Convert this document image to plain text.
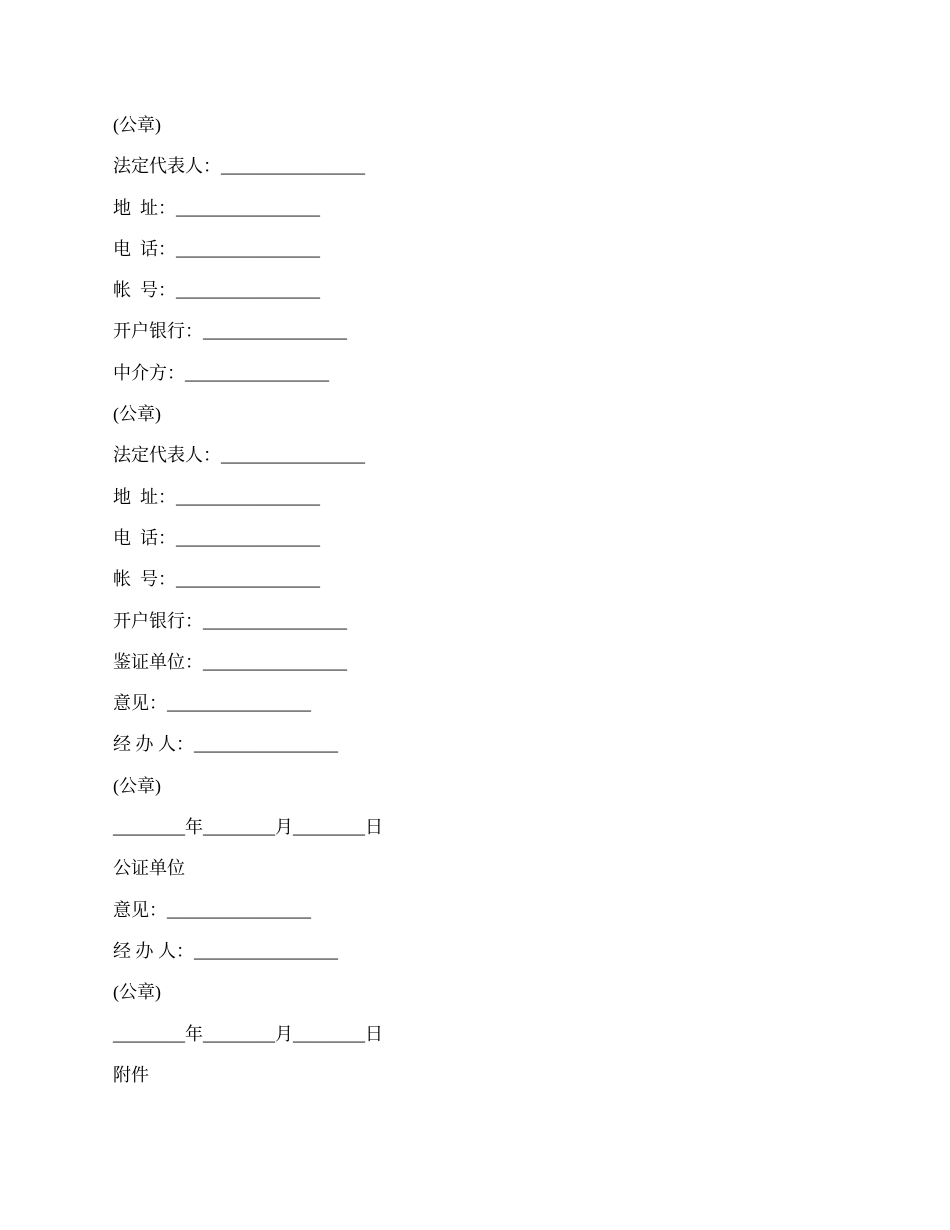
(公章)
法定代表人：________________
地  址：________________
电  话：________________
帐  号：________________
开户银行：________________
中介方：________________
(公章)
法定代表人：________________
地  址：________________
电  话：________________
帐  号：________________
开户银行：________________
鉴证单位：________________
意见：________________
经 办 人：________________
(公章)
________年________月________日
公证单位
意见：________________
经 办 人：________________
(公章)
________年________月________日
附件
